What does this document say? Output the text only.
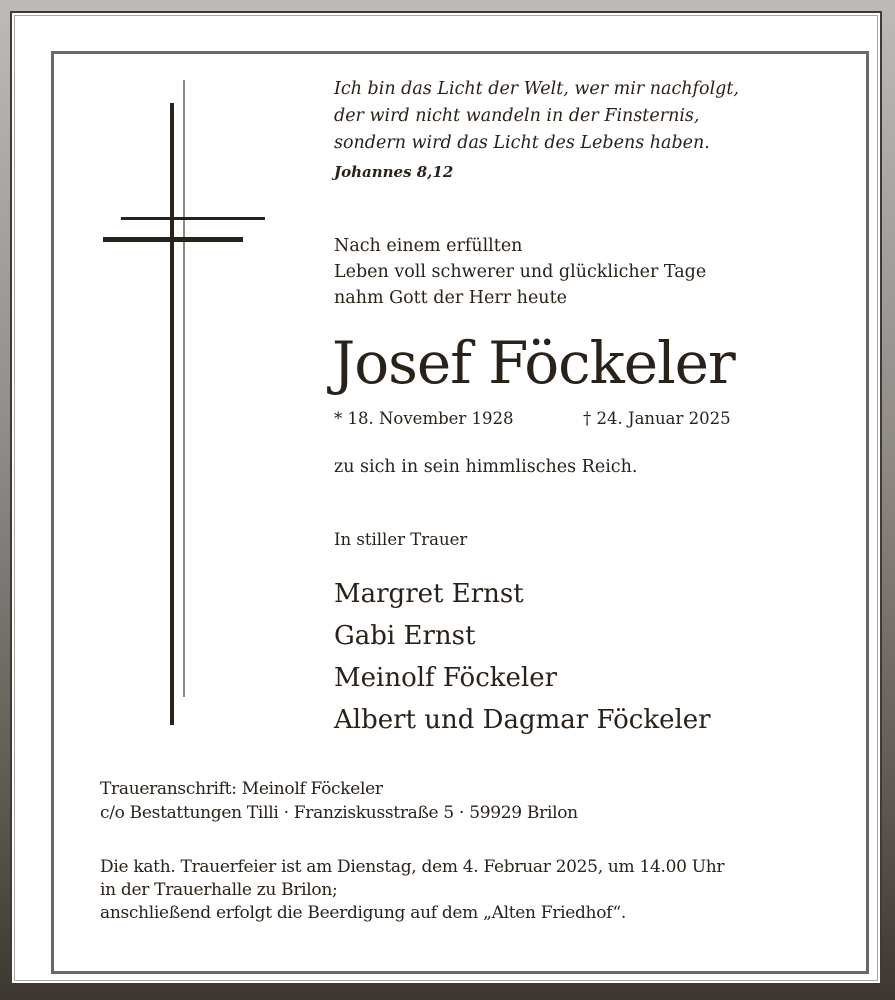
Ich bin das Licht der Welt, wer mir nachfolgt,
der wird nicht wandeln in der Finsternis,
sondern wird das Licht des Lebens haben.
Johannes 8,12
Nach einem erfüllten
Leben voll schwerer und glücklicher Tage
nahm Gott der Herr heute
Josef Föckeler
* 18. November 1928	† 24. Januar 2025
zu sich in sein himmlisches Reich.
In stiller Trauer
Margret Ernst
Gabi Ernst
Meinolf Föckeler
Albert und Dagmar Föckeler
Traueranschrift: Meinolf Föckeler
c/o Bestattungen Tilli · Franziskusstraße 5 · 59929 Brilon
Die kath. Trauerfeier ist am Dienstag, dem 4. Februar 2025, um 14.00 Uhr
in der Trauerhalle zu Brilon;
anschließend erfolgt die Beerdigung auf dem „Alten Friedhof“.
